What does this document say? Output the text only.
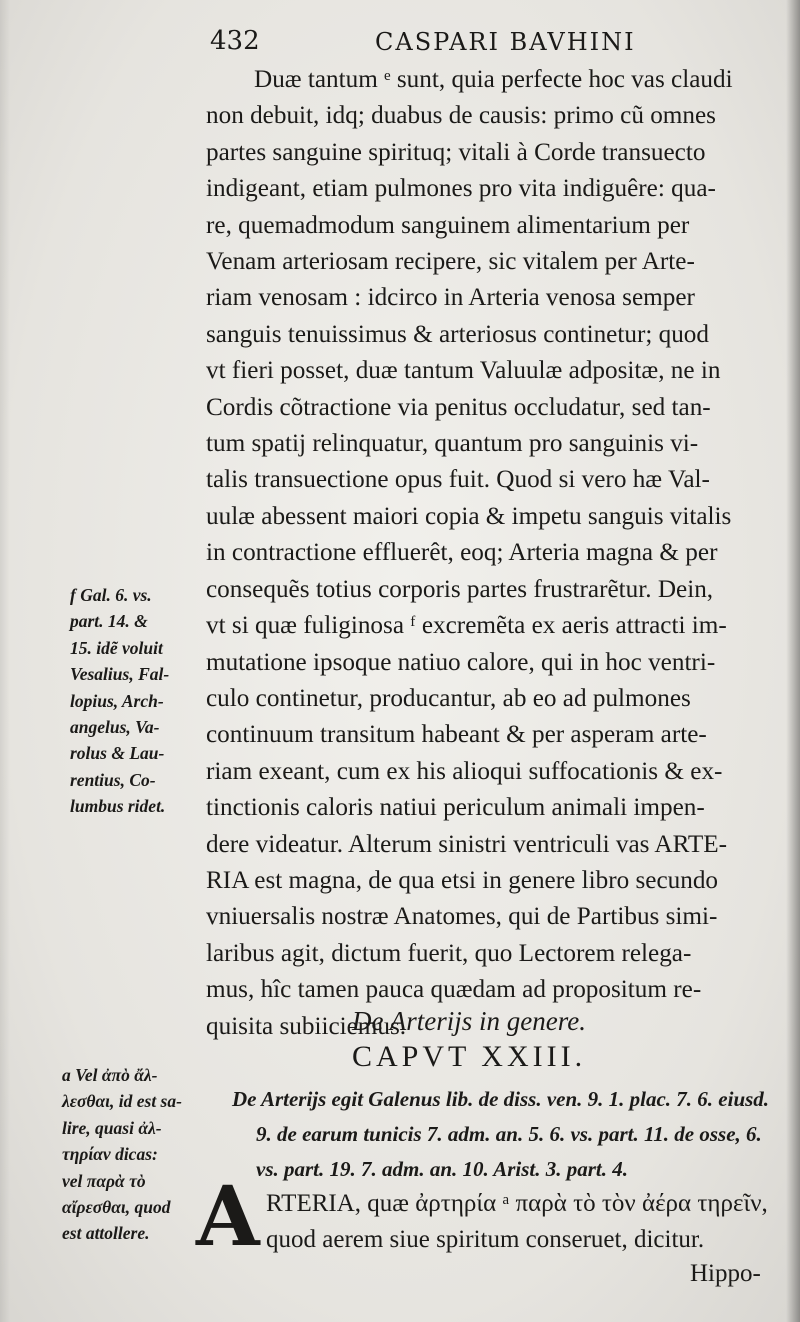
432	CASPARI BAVHINI
Duæ tantum ᵉ sunt, quia perfecte hoc vas claudi
non debuit, idq; duabus de causis: primo cũ omnes
partes sanguine spirituq; vitali à Corde transuecto
indigeant, etiam pulmones pro vita indiguêre: qua-
re, quemadmodum sanguinem alimentarium per
Venam arteriosam recipere, sic vitalem per Arte-
riam venosam : idcirco in Arteria venosa semper
sanguis tenuissimus & arteriosus continetur; quod
vt fieri posset, duæ tantum Valuulæ adpositæ, ne in
Cordis cõtractione via penitus occludatur, sed tan-
tum spatij relinquatur, quantum pro sanguinis vi-
talis transuectione opus fuit. Quod si vero hæ Val-
uulæ abessent maiori copia & impetu sanguis vitalis
in contractione effluerêt, eoq; Arteria magna & per
consequẽs totius corporis partes frustrarẽtur. Dein,
vt si quæ fuliginosa ᶠ excremẽta ex aeris attracti im-
mutatione ipsoque natiuo calore, qui in hoc ventri-
culo continetur, producantur, ab eo ad pulmones
continuum transitum habeant & per asperam arte-
riam exeant, cum ex his alioqui suffocationis & ex-
tinctionis caloris natiui periculum animali impen-
dere videatur. Alterum sinistri ventriculi vas ARTE-
RIA est magna, de qua etsi in genere libro secundo
vniuersalis nostræ Anatomes, qui de Partibus simi-
laribus agit, dictum fuerit, quo Lectorem relega-
mus, hîc tamen pauca quædam ad propositum re-
quisita subiiciemus.
f Gal. 6. vs.
part. 14. &
15. idẽ voluit
Vesalius, Fal-
lopius, Arch-
angelus, Va-
rolus & Lau-
rentius, Co-
lumbus ridet.
De Arterijs in genere.
CAPVT XXIII.
De Arterijs egit Galenus lib. de diss. ven. 9. 1. plac. 7. 6. eiusd.
9. de earum tunicis 7. adm. an. 5. 6. vs. part. 11. de osse, 6.
vs. part. 19. 7. adm. an. 10. Arist. 3. part. 4.
a Vel ἀπὸ ἄλ-
λεσθαι, id est sa-
lire, quasi ἀλ-
τηρίαν dicas:
vel παρὰ τὸ
αἴρεσθαι, quod
est attollere. A RTERIA, quæ ἀρτηρία ᵃ παρὰ τὸ τὸν ἀέρα τηρεῖν,
quod aerem siue spiritum conseruet, dicitur.
Hippo-
